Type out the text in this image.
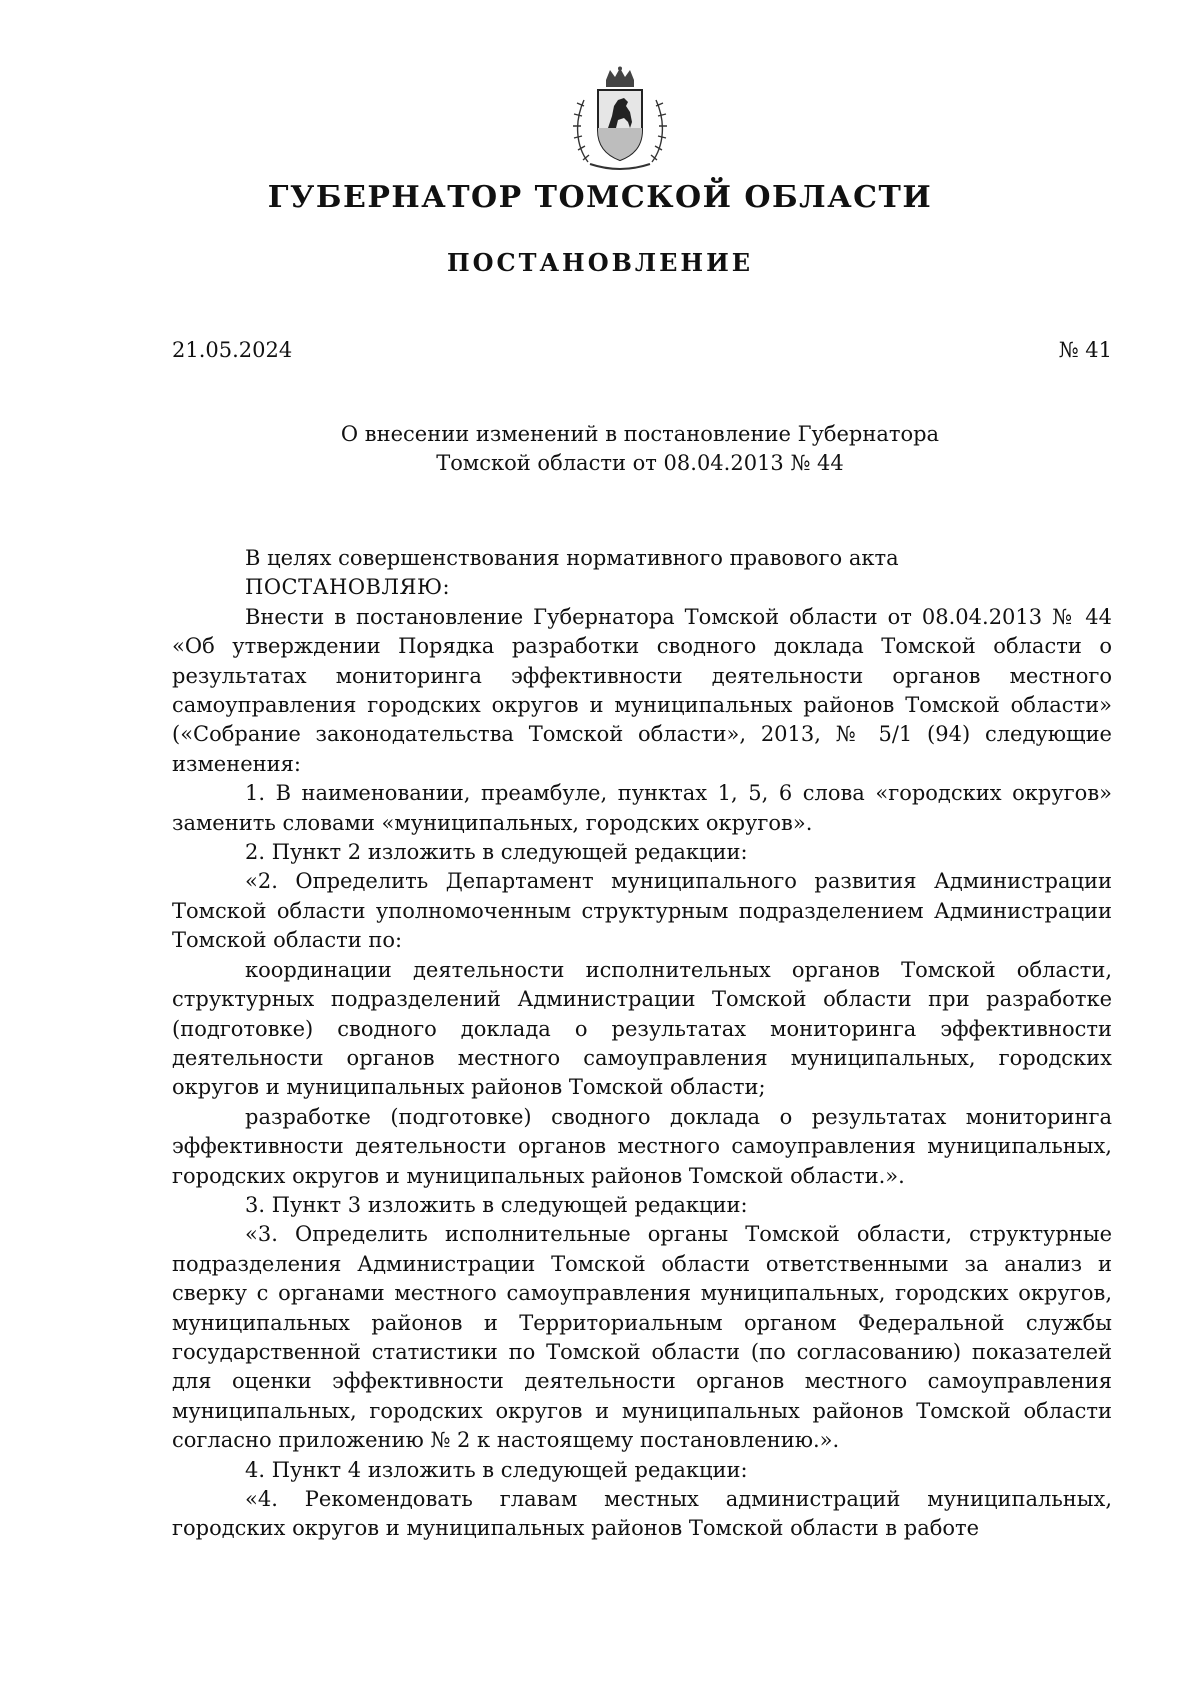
ГУБЕРНАТОР ТОМСКОЙ ОБЛАСТИ
ПОСТАНОВЛЕНИЕ
21.05.2024	№ 41
О внесении изменений в постановление Губернатора
Томской области от 08.04.2013 № 44

В целях совершенствования нормативного правового акта

ПОСТАНОВЛЯЮ:

Внести в постановление Губернатора Томской области от 08.04.2013 № 44 «Об утверждении Порядка разработки сводного доклада Томской области о результатах мониторинга эффективности деятельности органов местного самоуправления городских округов и муниципальных районов Томской области» («Собрание законодательства Томской области», 2013, № 5/1 (94) следующие изменения:

1. В наименовании, преамбуле, пунктах 1, 5, 6 слова «городских округов» заменить словами «муниципальных, городских округов».

2. Пункт 2 изложить в следующей редакции:

«2. Определить Департамент муниципального развития Администрации Томской области уполномоченным структурным подразделением Администрации Томской области по:

координации деятельности исполнительных органов Томской области, структурных подразделений Администрации Томской области при разработке (подготовке) сводного доклада о результатах мониторинга эффективности деятельности органов местного самоуправления муниципальных, городских округов и муниципальных районов Томской области;

разработке (подготовке) сводного доклада о результатах мониторинга эффективности деятельности органов местного самоуправления муниципальных, городских округов и муниципальных районов Томской области.».

3. Пункт 3 изложить в следующей редакции:

«3. Определить исполнительные органы Томской области, структурные подразделения Администрации Томской области ответственными за анализ и сверку с органами местного самоуправления муниципальных, городских округов, муниципальных районов и Территориальным органом Федеральной службы государственной статистики по Томской области (по согласованию) показателей для оценки эффективности деятельности органов местного самоуправления муниципальных, городских округов и муниципальных районов Томской области согласно приложению № 2 к настоящему постановлению.».

4. Пункт 4 изложить в следующей редакции:

«4. Рекомендовать главам местных администраций муниципальных, городских округов и муниципальных районов Томской области в работе
